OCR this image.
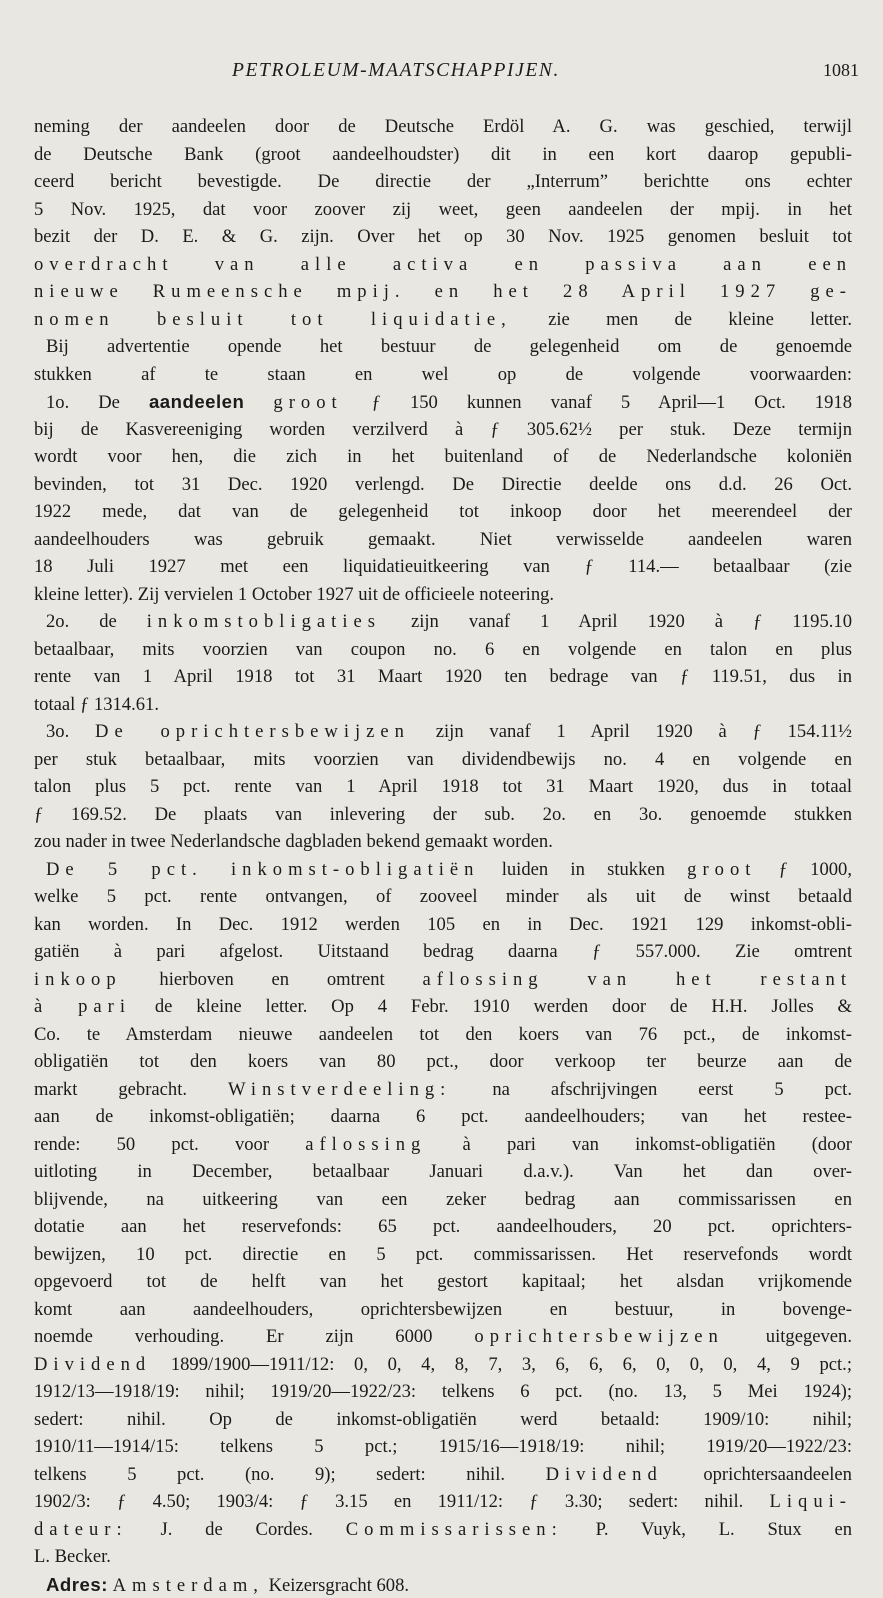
PETROLEUM-MAATSCHAPPIJEN.	1081
neming der aandeelen door de Deutsche Erdöl A. G. was geschied, terwijl
de Deutsche Bank (groot aandeelhoudster) dit in een kort daarop gepubli-
ceerd bericht bevestigde. De directie der „Interrum” berichtte ons echter
5 Nov. 1925, dat voor zoover zij weet, geen aandeelen der mpij. in het
bezit der D. E. & G. zijn. Over het op 30 Nov. 1925 genomen besluit tot
overdracht van alle activa en passiva aan een
nieuwe Rumeensche mpij. en het 28 April 1927 ge-
nomen besluit tot liquidatie, zie men de kleine letter.
Bij advertentie opende het bestuur de gelegenheid om de genoemde
stukken af te staan en wel op de volgende voorwaarden:
1o. De aandeelen groot ƒ 150 kunnen vanaf 5 April—1 Oct. 1918
bij de Kasvereeniging worden verzilverd à ƒ 305.62½ per stuk. Deze termijn
wordt voor hen, die zich in het buitenland of de Nederlandsche koloniën
bevinden, tot 31 Dec. 1920 verlengd. De Directie deelde ons d.d. 26 Oct.
1922 mede, dat van de gelegenheid tot inkoop door het meerendeel der
aandeelhouders was gebruik gemaakt. Niet verwisselde aandeelen waren
18 Juli 1927 met een liquidatieuitkeering van ƒ 114.— betaalbaar (zie
kleine letter). Zij vervielen 1 October 1927 uit de officieele noteering.
2o. de inkomstobligaties zijn vanaf 1 April 1920 à ƒ 1195.10
betaalbaar, mits voorzien van coupon no. 6 en volgende en talon en plus
rente van 1 April 1918 tot 31 Maart 1920 ten bedrage van ƒ 119.51, dus in
totaal ƒ 1314.61.
3o. De oprichtersbewijzen zijn vanaf 1 April 1920 à ƒ 154.11½
per stuk betaalbaar, mits voorzien van dividendbewijs no. 4 en volgende en
talon plus 5 pct. rente van 1 April 1918 tot 31 Maart 1920, dus in totaal
ƒ 169.52. De plaats van inlevering der sub. 2o. en 3o. genoemde stukken
zou nader in twee Nederlandsche dagbladen bekend gemaakt worden.
De 5 pct. inkomst-obligatiën luiden in stukken groot ƒ 1000,
welke 5 pct. rente ontvangen, of zooveel minder als uit de winst betaald
kan worden. In Dec. 1912 werden 105 en in Dec. 1921 129 inkomst-obli-
gatiën à pari afgelost. Uitstaand bedrag daarna ƒ 557.000. Zie omtrent
inkoop hierboven en omtrent aflossing van het restant
à pari de kleine letter. Op 4 Febr. 1910 werden door de H.H. Jolles &
Co. te Amsterdam nieuwe aandeelen tot den koers van 76 pct., de inkomst-
obligatiën tot den koers van 80 pct., door verkoop ter beurze aan de
markt gebracht. Winstverdeeling: na afschrijvingen eerst 5 pct.
aan de inkomst-obligatiën; daarna 6 pct. aandeelhouders; van het restee-
rende: 50 pct. voor aflossing à pari van inkomst-obligatiën (door
uitloting in December, betaalbaar Januari d.a.v.). Van het dan over-
blijvende, na uitkeering van een zeker bedrag aan commissarissen en
dotatie aan het reservefonds: 65 pct. aandeelhouders, 20 pct. oprichters-
bewijzen, 10 pct. directie en 5 pct. commissarissen. Het reservefonds wordt
opgevoerd tot de helft van het gestort kapitaal; het alsdan vrijkomende
komt aan aandeelhouders, oprichtersbewijzen en bestuur, in bovenge-
noemde verhouding. Er zijn 6000 oprichtersbewijzen uitgegeven.
Dividend 1899/1900—1911/12: 0, 0, 4, 8, 7, 3, 6, 6, 6, 0, 0, 0, 4, 9 pct.;
1912/13—1918/19: nihil; 1919/20—1922/23: telkens 6 pct. (no. 13, 5 Mei 1924);
sedert: nihil. Op de inkomst-obligatiën werd betaald: 1909/10: nihil;
1910/11—1914/15: telkens 5 pct.; 1915/16—1918/19: nihil; 1919/20—1922/23:
telkens 5 pct. (no. 9); sedert: nihil. Dividend oprichtersaandeelen
1902/3: ƒ 4.50; 1903/4: ƒ 3.15 en 1911/12: ƒ 3.30; sedert: nihil. Liqui-
dateur: J. de Cordes. Commissarissen: P. Vuyk, L. Stux en
L. Becker.
Adres: Amsterdam, Keizersgracht 608.
